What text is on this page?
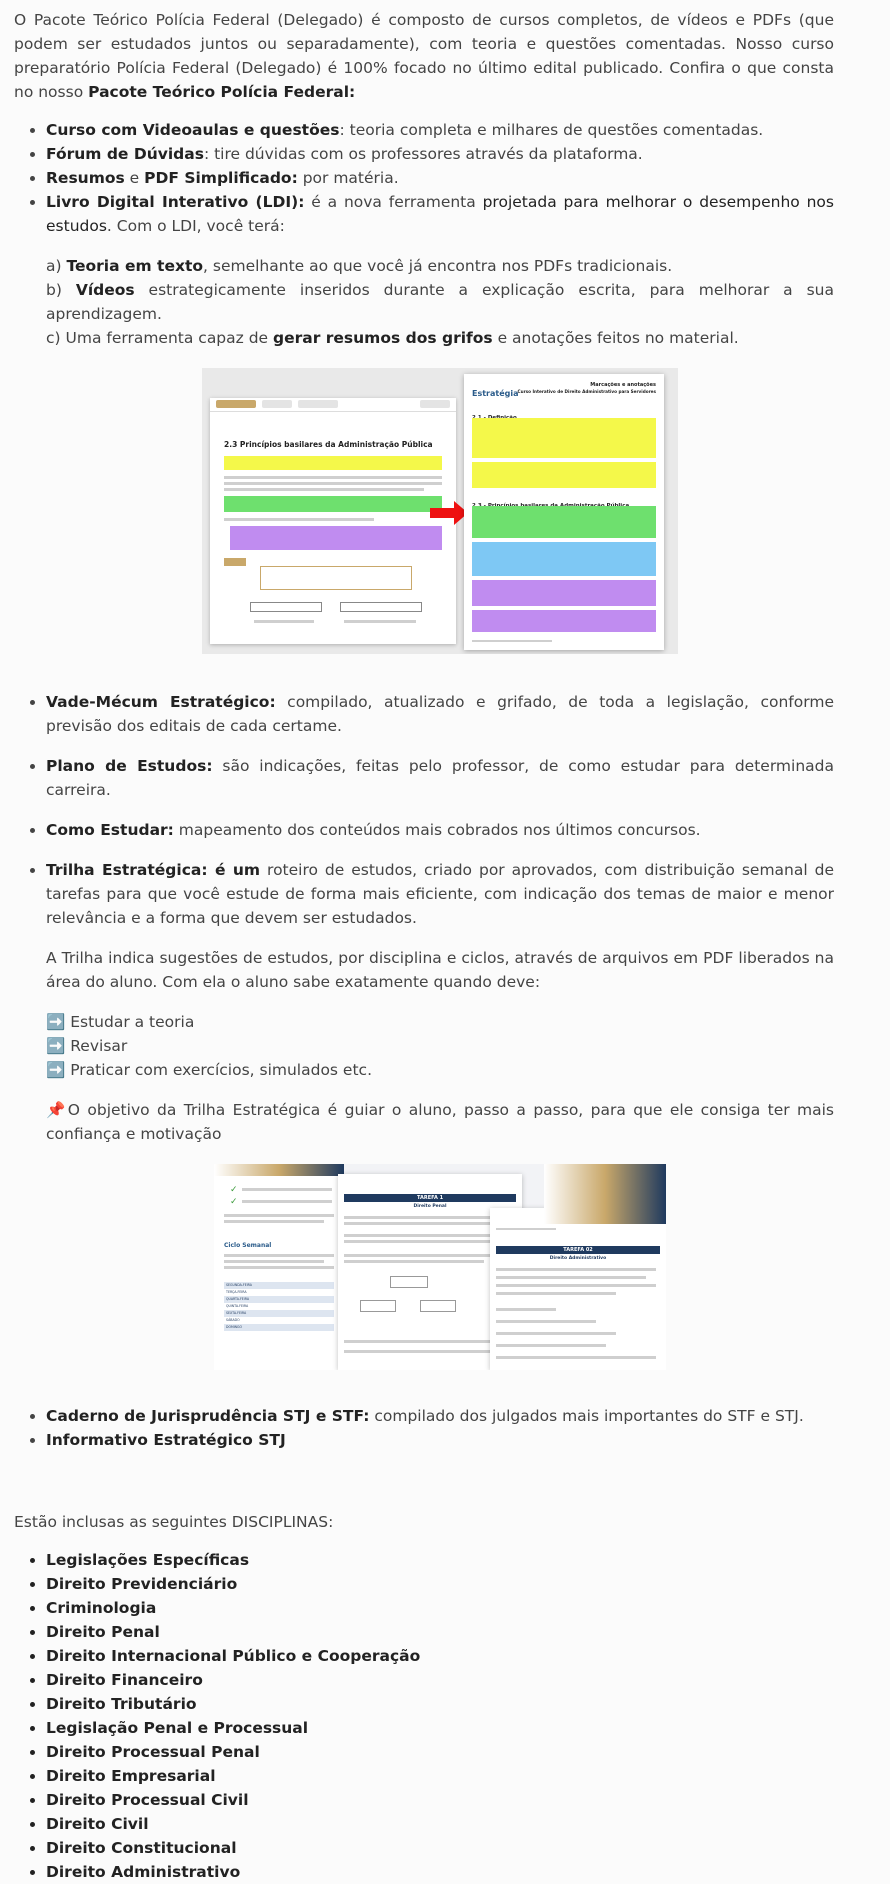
O Pacote Teórico Polícia Federal (Delegado) é composto de cursos completos, de vídeos e PDFs (que podem ser estudados juntos ou separadamente), com teoria e questões comentadas. Nosso curso preparatório Polícia Federal (Delegado) é 100% focado no último edital publicado. Confira o que consta no nosso Pacote Teórico Polícia Federal:

• Curso com Videoaulas e questões: teoria completa e milhares de questões comentadas.
• Fórum de Dúvidas: tire dúvidas com os professores através da plataforma.
• Resumos e PDF Simplificado: por matéria.
• Livro Digital Interativo (LDI): é a nova ferramenta projetada para melhorar o desempenho nos estudos. Com o LDI, você terá:

a) Teoria em texto, semelhante ao que você já encontra nos PDFs tradicionais.

b) Vídeos estrategicamente inseridos durante a explicação escrita, para melhorar a sua aprendizagem.

c) Uma ferramenta capaz de gerar resumos dos grifos e anotações feitos no material.

2.3 Princípios basilares da Administração Pública
Estratégia
Marcações e anotações
Curso Interativo de Direito Administrativo para Servidores
• Vade-Mécum Estratégico: compilado, atualizado e grifado, de toda a legislação, conforme previsão dos editais de cada certame.
• Plano de Estudos: são indicações, feitas pelo professor, de como estudar para determinada carreira.
• Como Estudar: mapeamento dos conteúdos mais cobrados nos últimos concursos.
• Trilha Estratégica: é um roteiro de estudos, criado por aprovados, com distribuição semanal de tarefas para que você estude de forma mais eficiente, com indicação dos temas de maior e menor relevância e a forma que devem ser estudados.

A Trilha indica sugestões de estudos, por disciplina e ciclos, através de arquivos em PDF liberados na área do aluno. Com ela o aluno sabe exatamente quando deve:

➡️ Estudar a teoria

➡️ Revisar

➡️ Praticar com exercícios, simulados etc.

📌O objetivo da Trilha Estratégica é guiar o aluno, passo a passo, para que ele consiga ter mais confiança e motivação

✓
✓
Ciclo Semanal
SEGUNDA-FEIRA
TERÇA-FEIRA
QUARTA-FEIRA
QUINTA-FEIRA
SEXTA-FEIRA
SÁBADO
DOMINGO
TAREFA 1
Direito Penal
TAREFA 02
Direito Administrativo
• Caderno de Jurisprudência STJ e STF: compilado dos julgados mais importantes do STF e STJ.
• Informativo Estratégico STJ

Estão inclusas as seguintes DISCIPLINAS:

• Legislações Específicas
• Direito Previdenciário
• Criminologia
• Direito Penal
• Direito Internacional Público e Cooperação
• Direito Financeiro
• Direito Tributário
• Legislação Penal e Processual
• Direito Processual Penal
• Direito Empresarial
• Direito Processual Civil
• Direito Civil
• Direito Constitucional
• Direito Administrativo
